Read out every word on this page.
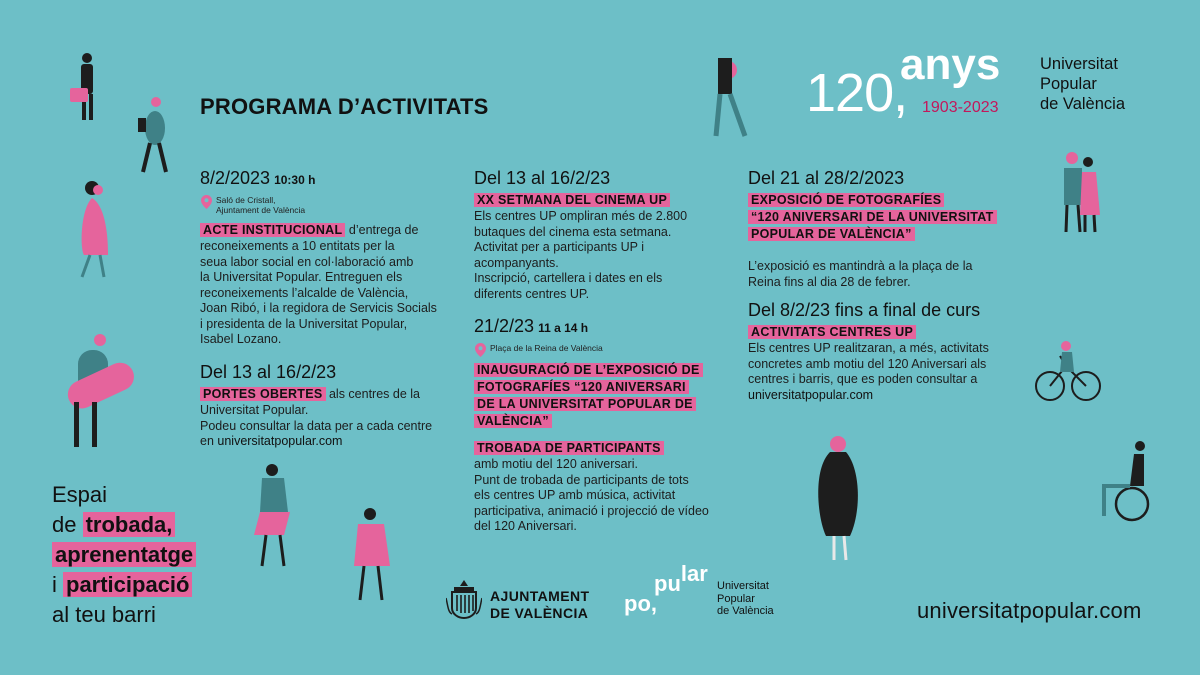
anys
120, 1903-2023
Universitat
Popular
de València
PROGRAMA D’ACTIVITATS
8/2/2023 10:30 h
Saló de Cristall,
Ajuntament de València

ACTE INSTITUCIONAL d’entrega de

reconeixements a 10 entitats per la

seua labor social en col·laboració amb

la Universitat Popular. Entreguen els

reconeixements l’alcalde de València,

Joan Ribó, i la regidora de Servicis Socials

i presidenta de la Universitat Popular,

Isabel Lozano.

Del 13 al 16/2/23

PORTES OBERTES als centres de la

Universitat Popular.

Podeu consultar la data per a cada centre

en universitatpopular.com

Del 13 al 16/2/23

XX SETMANA DEL CINEMA UP

Els centres UP ompliran més de 2.800

butaques del cinema esta setmana.

Activitat per a participants UP i

acompanyants.

Inscripció, cartellera i dates en els

diferents centres UP.

21/2/23 11 a 14 h
Plaça de la Reina de València

INAUGURACIÓ DE L’EXPOSICIÓ DE

FOTOGRAFÍES “120 ANIVERSARI

DE LA UNIVERSITAT POPULAR DE

VALÈNCIA”

TROBADA DE PARTICIPANTS

amb motiu del 120 aniversari.

Punt de trobada de participants de tots

els centres UP amb música, activitat

participativa, animació i projecció de vídeo

del 120 Aniversari.

Del 21 al 28/2/2023

EXPOSICIÓ DE FOTOGRAFÍES

“120 ANIVERSARI DE LA UNIVERSITAT

POPULAR DE VALÈNCIA”

L’exposició es mantindrà a la plaça de la

Reina fins al dia 28 de febrer.

Del 8/2/23 fins a final de curs

ACTIVITATS CENTRES UP

Els centres UP realitzaran, a més, activitats

concretes amb motiu del 120 Aniversari als

centres i barris, que es poden consultar a

universitatpopular.com

Espai
de trobada,
aprenentatge
i participació
al teu barri
AJUNTAMENT
DE VALÈNCIA
pular
po,
Universitat
Popular
de València	universitatpopular.com
